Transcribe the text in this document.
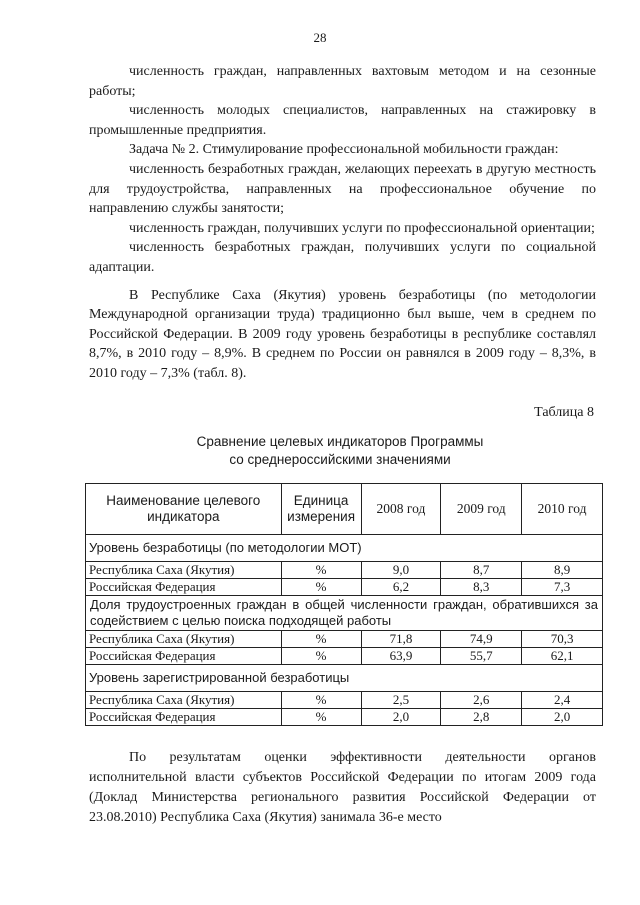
28

численность граждан, направленных вахтовым методом и на сезонные работы;

численность молодых специалистов, направленных на стажировку в промышленные предприятия.

Задача № 2. Стимулирование профессиональной мобильности граждан:

численность безработных граждан, желающих переехать в другую местность для трудоустройства, направленных на профессиональное обучение по направлению службы занятости;

численность граждан, получивших услуги по профессиональной ориентации;

численность безработных граждан, получивших услуги по социальной адаптации.

В Республике Саха (Якутия) уровень безработицы (по методологии Международной организации труда) традиционно был выше, чем в среднем по Российской Федерации. В 2009 году уровень безработицы в республике составлял 8,7%, в 2010 году – 8,9%. В среднем по России он равнялся в 2009 году – 8,3%, в 2010 году – 7,3% (табл. 8).

Таблица 8
Сравнение целевых индикаторов Программы
со среднероссийскими значениями
Наименование целевого индикатора	Единица измерения	2008 год	2009 год	2010 год
Уровень безработицы (по методологии МОТ)				
Республика Саха (Якутия)	%	9,0	8,7	8,9
Российская Федерация	%	6,2	8,3	7,3
Доля трудоустроенных граждан в общей численности граждан, обратившихся за содействием с целью поиска подходящей работы				
Республика Саха (Якутия)	%	71,8	74,9	70,3
Российская Федерация	%	63,9	55,7	62,1
Уровень зарегистрированной безработицы				
Республика Саха (Якутия)	%	2,5	2,6	2,4
Российская Федерация	%	2,0	2,8	2,0

По результатам оценки эффективности деятельности органов исполнительной власти субъектов Российской Федерации по итогам 2009 года (Доклад Министерства регионального развития Российской Федерации от 23.08.2010) Республика Саха (Якутия) занимала 36-е место
